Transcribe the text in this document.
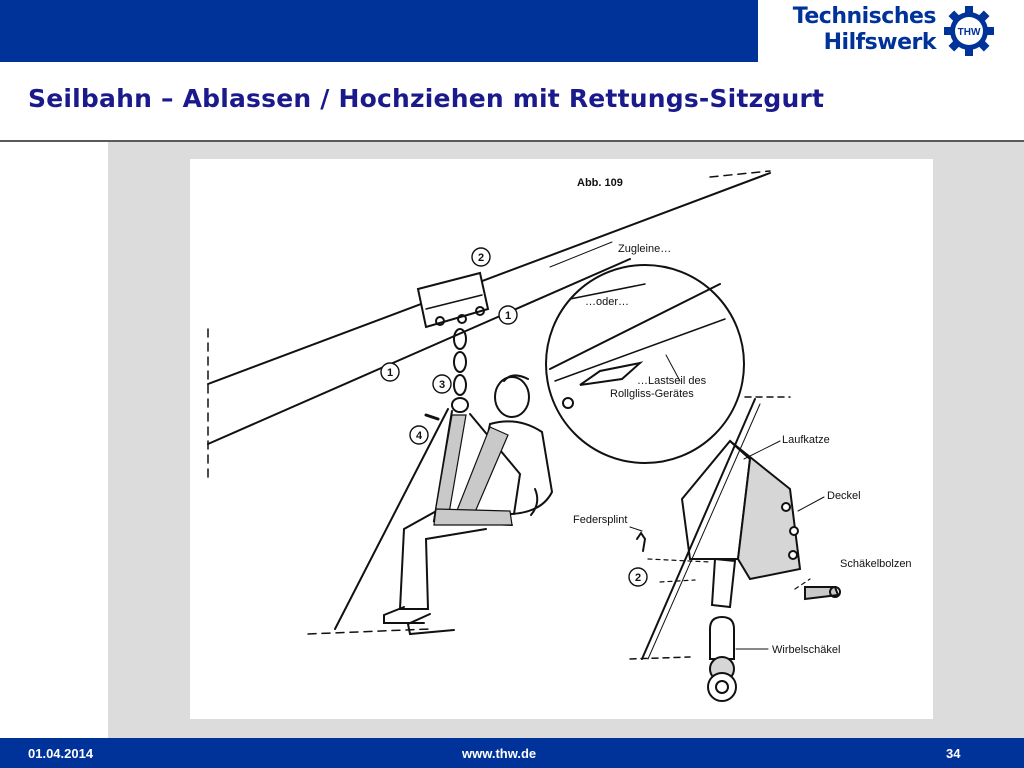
Technisches
Hilfswerk THW
Seilbahn – Ablassen / Hochziehen mit Rettungs-Sitzgurt
2
1
1
3
4
2
Abb. 109
Zugleine…
…oder…
…Lastseil des
Rollgliss-Gerätes
Laufkatze
Deckel
Federsplint
Schäkelbolzen
Wirbelschäkel
01.04.2014	www.thw.de	34
